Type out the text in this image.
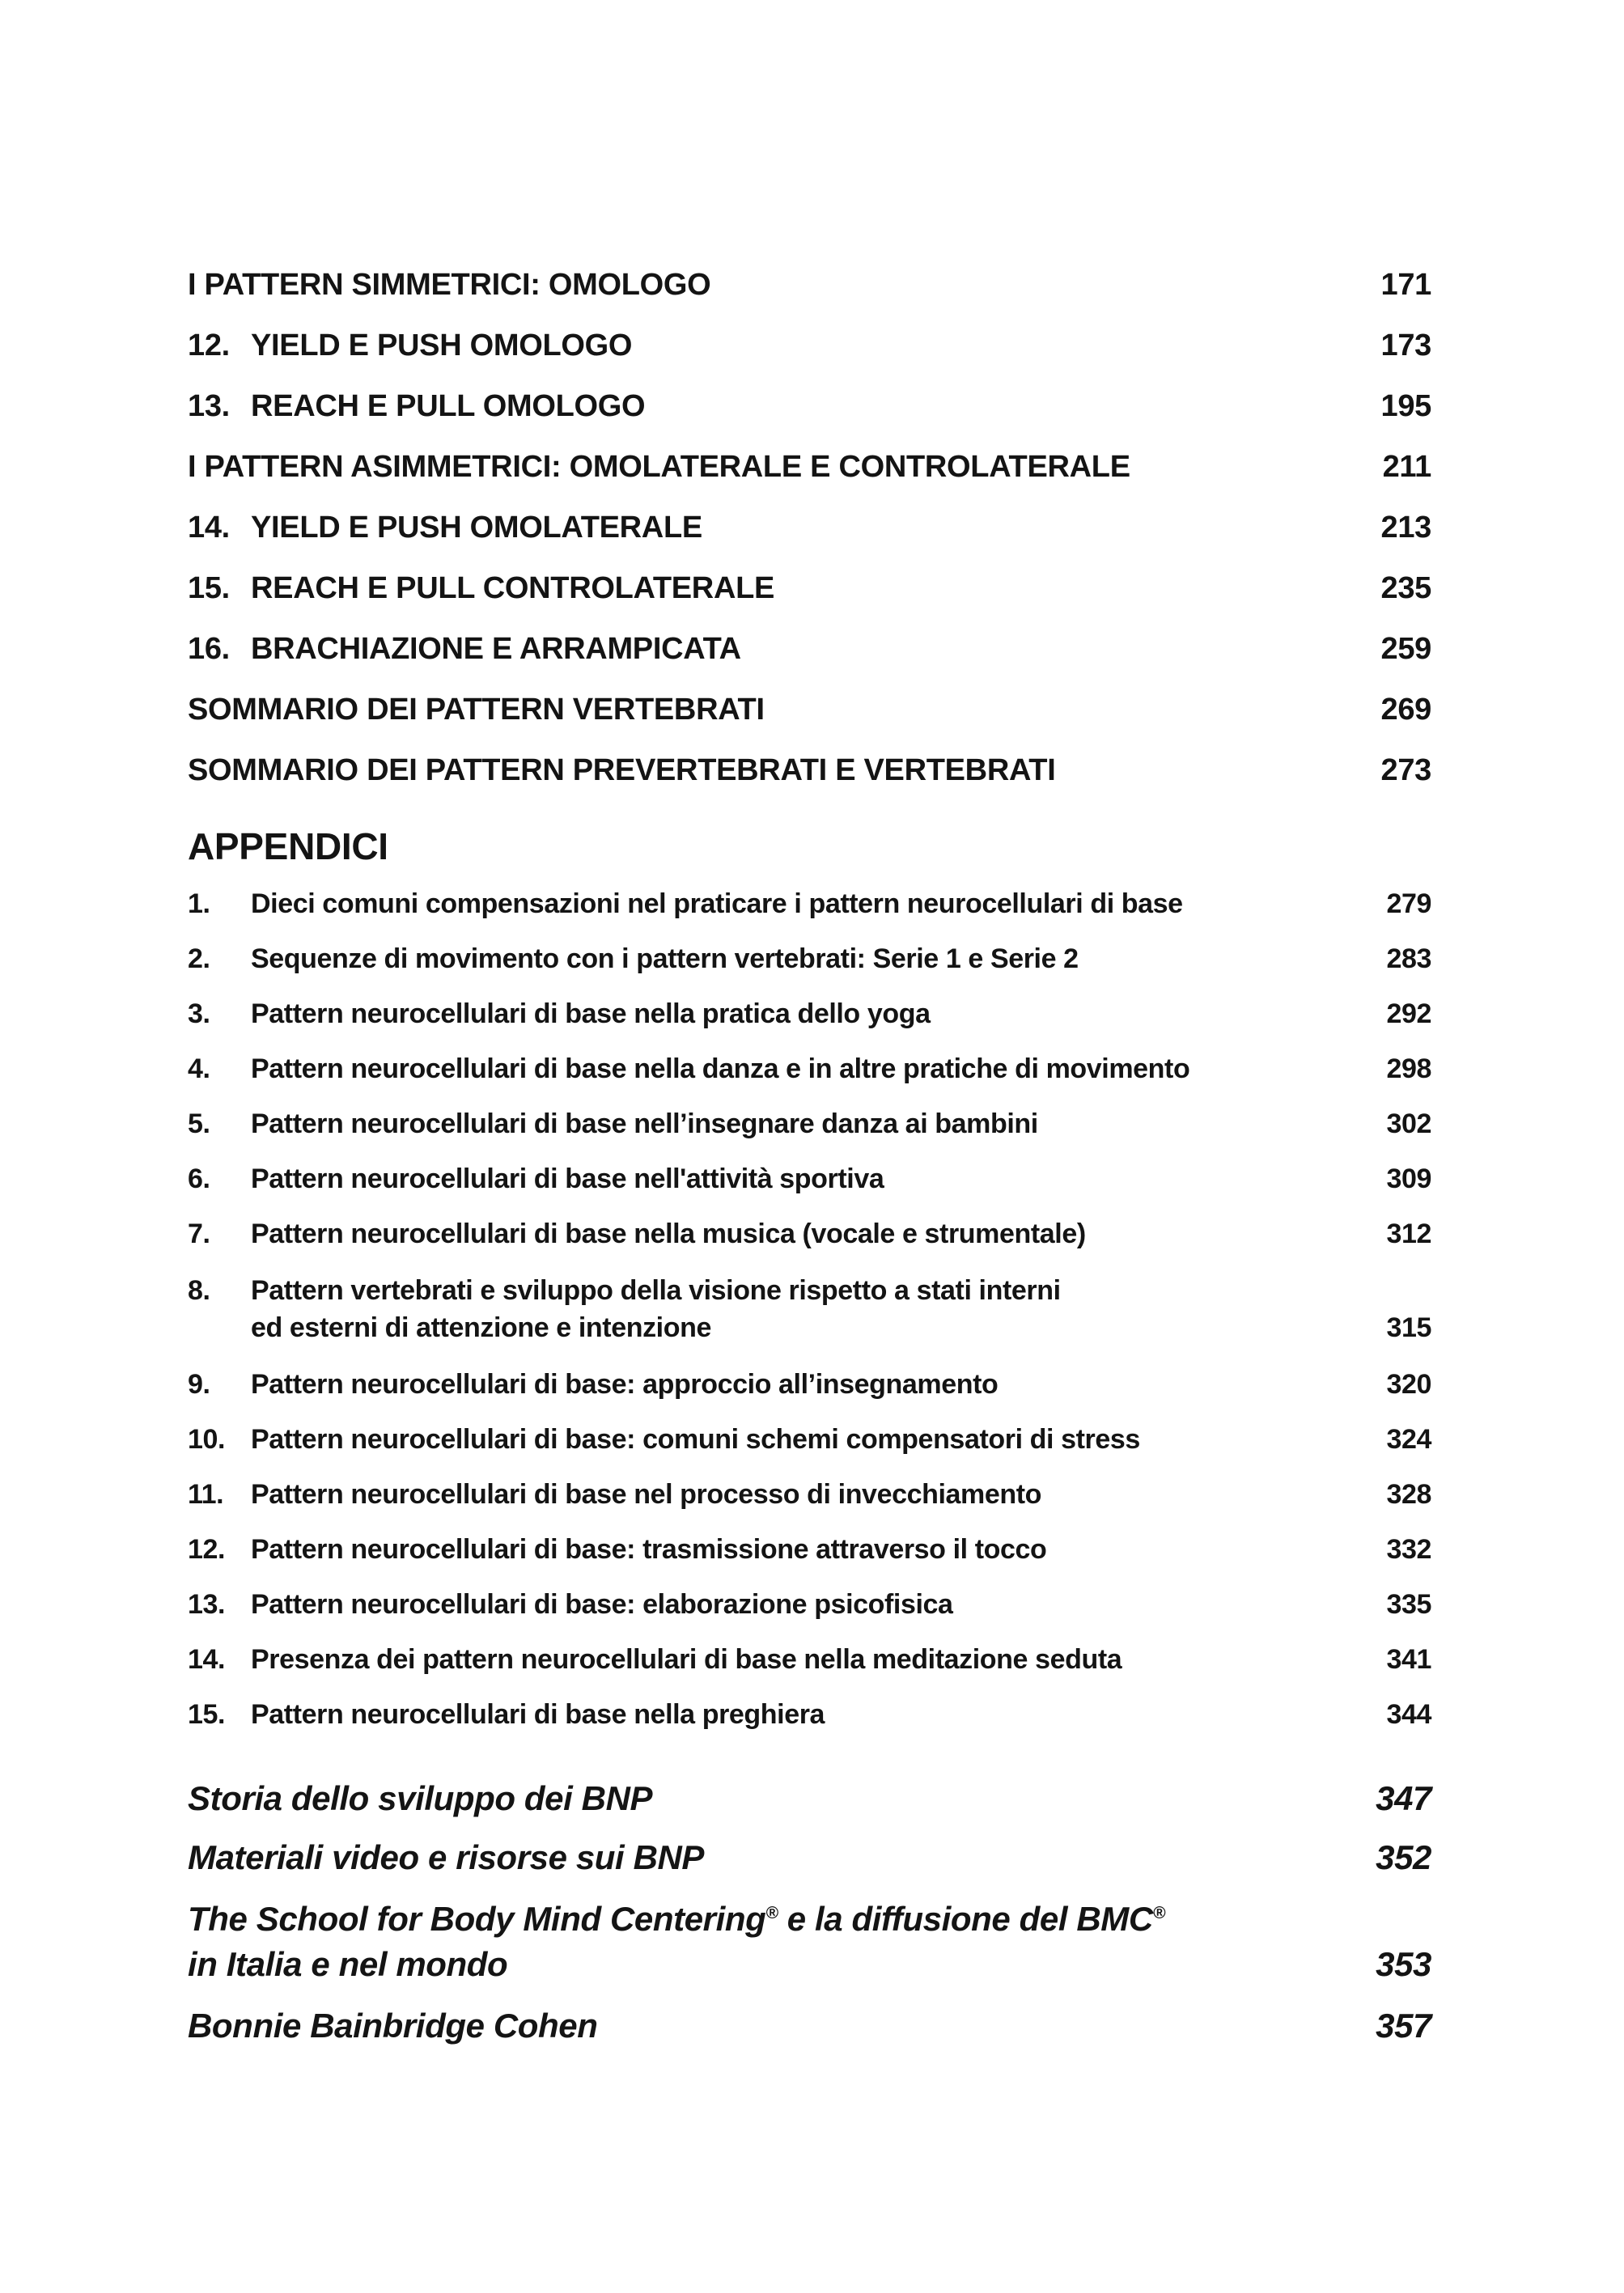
I PATTERN SIMMETRICI: OMOLOGO	171
12. YIELD E PUSH OMOLOGO	173
13. REACH E PULL OMOLOGO	195
I PATTERN ASIMMETRICI: OMOLATERALE E CONTROLATERALE	211
14. YIELD E PUSH OMOLATERALE	213
15. REACH E PULL CONTROLATERALE	235
16. BRACHIAZIONE E ARRAMPICATA	259
SOMMARIO DEI PATTERN VERTEBRATI	269
SOMMARIO DEI PATTERN PREVERTEBRATI E VERTEBRATI	273
APPENDICI
1.	Dieci comuni compensazioni nel praticare i pattern neurocellulari di base	279
2.	Sequenze di movimento con i pattern vertebrati: Serie 1 e Serie 2	283
3.	Pattern neurocellulari di base nella pratica dello yoga	292
4.	Pattern neurocellulari di base nella danza e in altre pratiche di movimento	298
5.	Pattern neurocellulari di base nell’insegnare danza ai bambini	302
6.	Pattern neurocellulari di base nell'attività sportiva	309
7.	Pattern neurocellulari di base nella musica (vocale e strumentale)	312
8.	Pattern vertebrati e sviluppo della visione rispetto a stati interni
ed esterni di attenzione e intenzione	315
9.	Pattern neurocellulari di base: approccio all’insegnamento	320
10. Pattern neurocellulari di base: comuni schemi compensatori di stress	324
11. Pattern neurocellulari di base nel processo di invecchiamento	328
12. Pattern neurocellulari di base: trasmissione attraverso il tocco	332
13. Pattern neurocellulari di base: elaborazione psicofisica	335
14. Presenza dei pattern neurocellulari di base nella meditazione seduta	341
15. Pattern neurocellulari di base nella preghiera	344
Storia dello sviluppo dei BNP	347
Materiali video e risorse sui BNP	352
The School for Body Mind Centering® e la diffusione del BMC®
in Italia e nel mondo	353
Bonnie Bainbridge Cohen	357
